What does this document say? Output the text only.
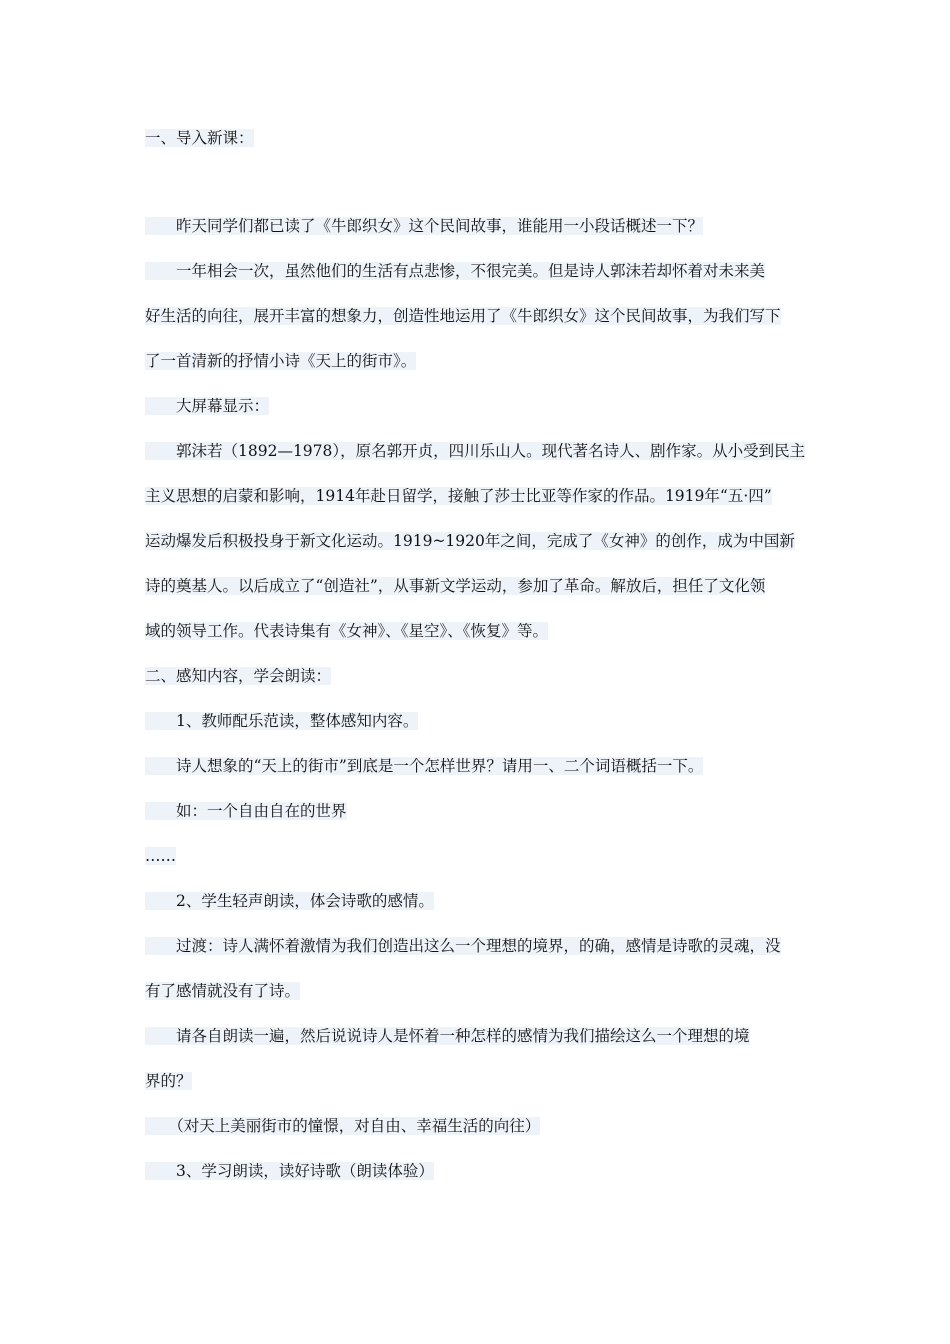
一、导入新课：
　　昨天同学们都已读了《牛郎织女》这个民间故事，谁能用一小段话概述一下？
　　一年相会一次，虽然他们的生活有点悲惨，不很完美。但是诗人郭沫若却怀着对未来美
好生活的向往，展开丰富的想象力，创造性地运用了《牛郎织女》这个民间故事，为我们写下
了一首清新的抒情小诗《天上的街市》。
　　大屏幕显示：
　　郭沫若（1892—1978），原名郭开贞，四川乐山人。现代著名诗人、剧作家。从小受到民主
主义思想的启蒙和影响，1914年赴日留学，接触了莎士比亚等作家的作品。1919年“五·四”
运动爆发后积极投身于新文化运动。1919~1920年之间，完成了《女神》的创作，成为中国新
诗的奠基人。以后成立了“创造社”，从事新文学运动，参加了革命。解放后，担任了文化领
域的领导工作。代表诗集有《女神》、《星空》、《恢复》等。
二、感知内容，学会朗读：
　　1、教师配乐范读，整体感知内容。
　　诗人想象的“天上的街市”到底是一个怎样世界？请用一、二个词语概括一下。
　　如：一个自由自在的世界
……
　　2、学生轻声朗读，体会诗歌的感情。
　　过渡：诗人满怀着激情为我们创造出这么一个理想的境界，的确，感情是诗歌的灵魂，没
有了感情就没有了诗。
　　请各自朗读一遍，然后说说诗人是怀着一种怎样的感情为我们描绘这么一个理想的境
界的？
　　（对天上美丽街市的憧憬，对自由、幸福生活的向往）
　　3、学习朗读，读好诗歌（朗读体验）
